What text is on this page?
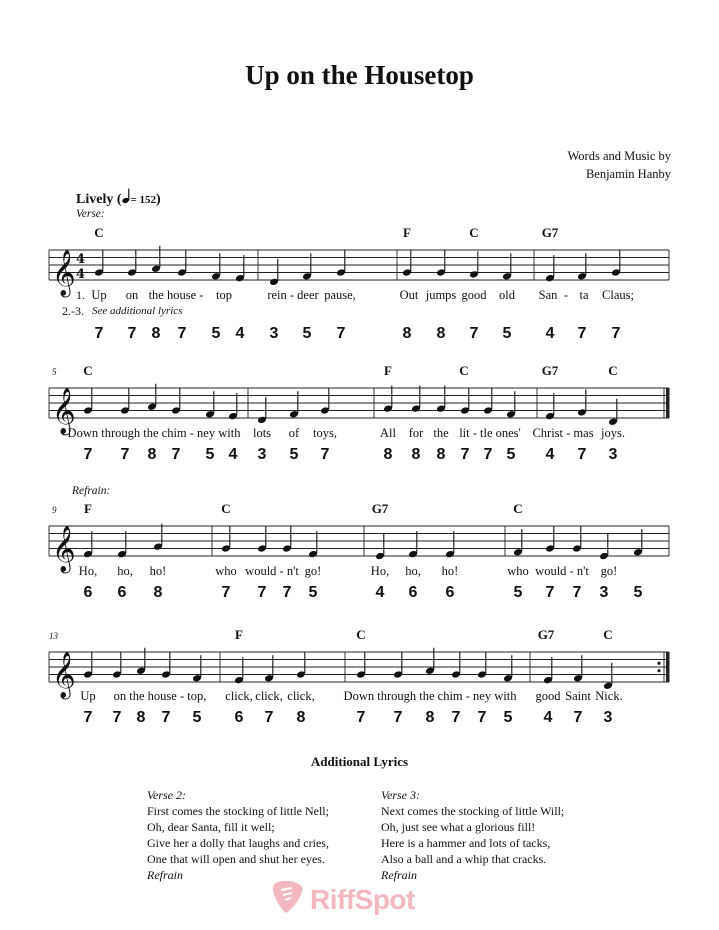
Up on the Housetop
Words and Music by
Benjamin Hanby
Lively ( = 152)
Verse:
Refrain:
𝄞 4
4
𝄞
𝄞
𝄞
5
9
13
C	F	C	G7
1.
2.-3. See additional lyrics
Up on the house - top	rein - deer pause,	Out jumps good old San - ta Claus;
7 7 8 7 5 4 3 5 7	8 8 7 5 4 7 7
C	F	C	G7	C
Down through the chim - ney with lots of toys,	All for the lit - tle ones' Christ - mas joys.
7 7 8 7 5 4 3 5 7	8 8 8 7 7 5 4 7 3
F	C	G7	C
Ho, ho, ho!	who would - n't go!	Ho, ho, ho!	who would - n't go!
6 6 8	7 7 7 5	4 6 6	5 7 7 3 5
F	C	G7	C
Up on the house - top, click, click, click, Down through the chim - ney with good Saint Nick.
7 7 8 7 5 6 7 8	7 7 8 7 7 5 4 7 3
Additional Lyrics
Verse 2:
First comes the stocking of little Nell;
Oh, dear Santa, fill it well;
Give her a dolly that laughs and cries,
One that will open and shut her eyes.
Refrain
Verse 3:
Next comes the stocking of little Will;
Oh, just see what a glorious fill!
Here is a hammer and lots of tacks,
Also a ball and a whip that cracks.
Refrain
RiffSpot
